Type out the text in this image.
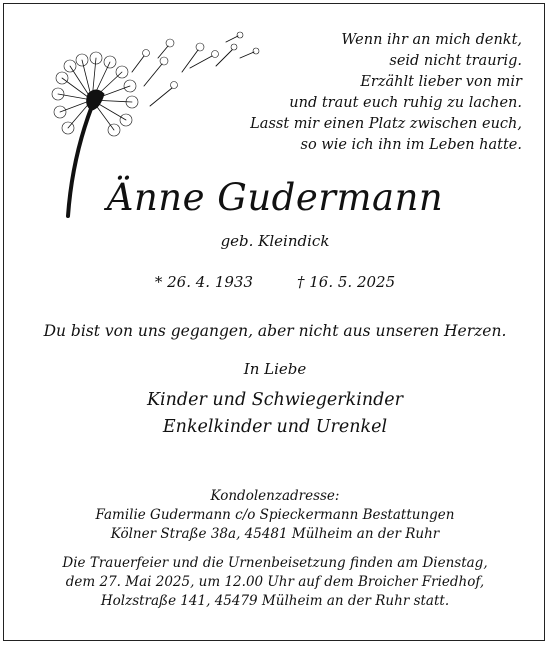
Wenn ihr an mich denkt,
seid nicht traurig.
Erzählt lieber von mir
und traut euch ruhig zu lachen.
Lasst mir einen Platz zwischen euch,
so wie ich ihn im Leben hatte.
Änne Gudermann
geb. Kleindick
* 26. 4. 1933	† 16. 5. 2025
Du bist von uns gegangen, aber nicht aus unseren Herzen.
In Liebe
Kinder und Schwiegerkinder
Enkelkinder und Urenkel
Kondolenzadresse:
Familie Gudermann c/o Spieckermann Bestattungen
Kölner Straße 38a, 45481 Mülheim an der Ruhr
Die Trauerfeier und die Urnenbeisetzung finden am Dienstag,
dem 27. Mai 2025, um 12.00 Uhr auf dem Broicher Friedhof,
Holzstraße 141, 45479 Mülheim an der Ruhr statt.
